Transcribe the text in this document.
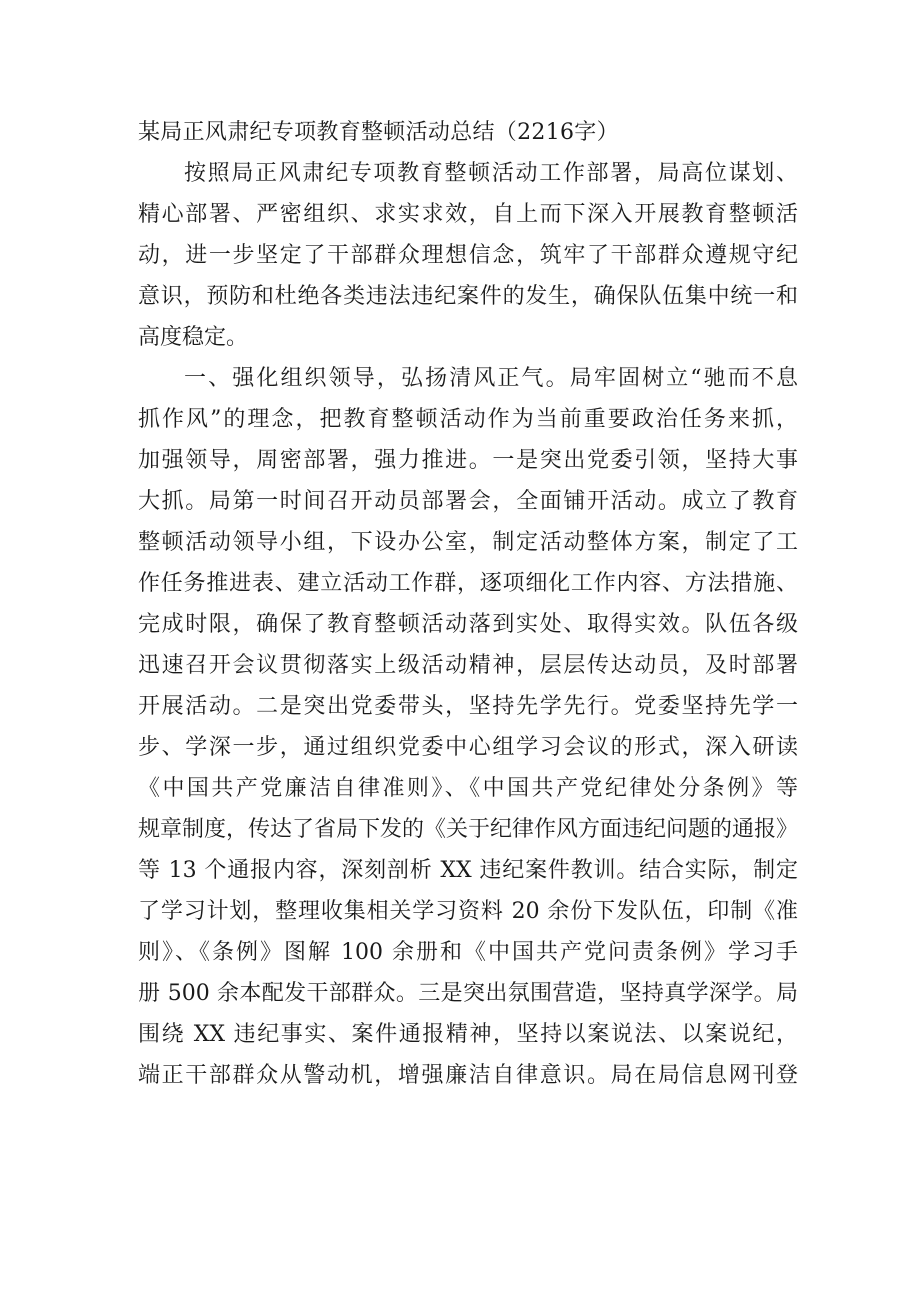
某局正风肃纪专项教育整顿活动总结（2216字）
按照局正风肃纪专项教育整顿活动工作部署，局高位谋划、
精心部署、严密组织、求实求效，自上而下深入开展教育整顿活
动，进一步坚定了干部群众理想信念，筑牢了干部群众遵规守纪
意识，预防和杜绝各类违法违纪案件的发生，确保队伍集中统一和
高度稳定。
一、强化组织领导，弘扬清风正气。局牢固树立“驰而不息
抓作风”的理念，把教育整顿活动作为当前重要政治任务来抓，
加强领导，周密部署，强力推进。一是突出党委引领，坚持大事
大抓。局第一时间召开动员部署会，全面铺开活动。成立了教育
整顿活动领导小组，下设办公室，制定活动整体方案，制定了工
作任务推进表、建立活动工作群，逐项细化工作内容、方法措施、
完成时限，确保了教育整顿活动落到实处、取得实效。队伍各级
迅速召开会议贯彻落实上级活动精神，层层传达动员，及时部署
开展活动。二是突出党委带头，坚持先学先行。党委坚持先学一
步、学深一步，通过组织党委中心组学习会议的形式，深入研读
《中国共产党廉洁自律准则》、《中国共产党纪律处分条例》等
规章制度，传达了省局下发的《关于纪律作风方面违纪问题的通报》
等 13 个通报内容，深刻剖析 XX 违纪案件教训。结合实际，制定
了学习计划，整理收集相关学习资料 20 余份下发队伍，印制《准
则》、《条例》图解 100 余册和《中国共产党问责条例》学习手
册 500 余本配发干部群众。三是突出氛围营造，坚持真学深学。局
围绕 XX 违纪事实、案件通报精神，坚持以案说法、以案说纪，
端正干部群众从警动机，增强廉洁自律意识。局在局信息网刊登
